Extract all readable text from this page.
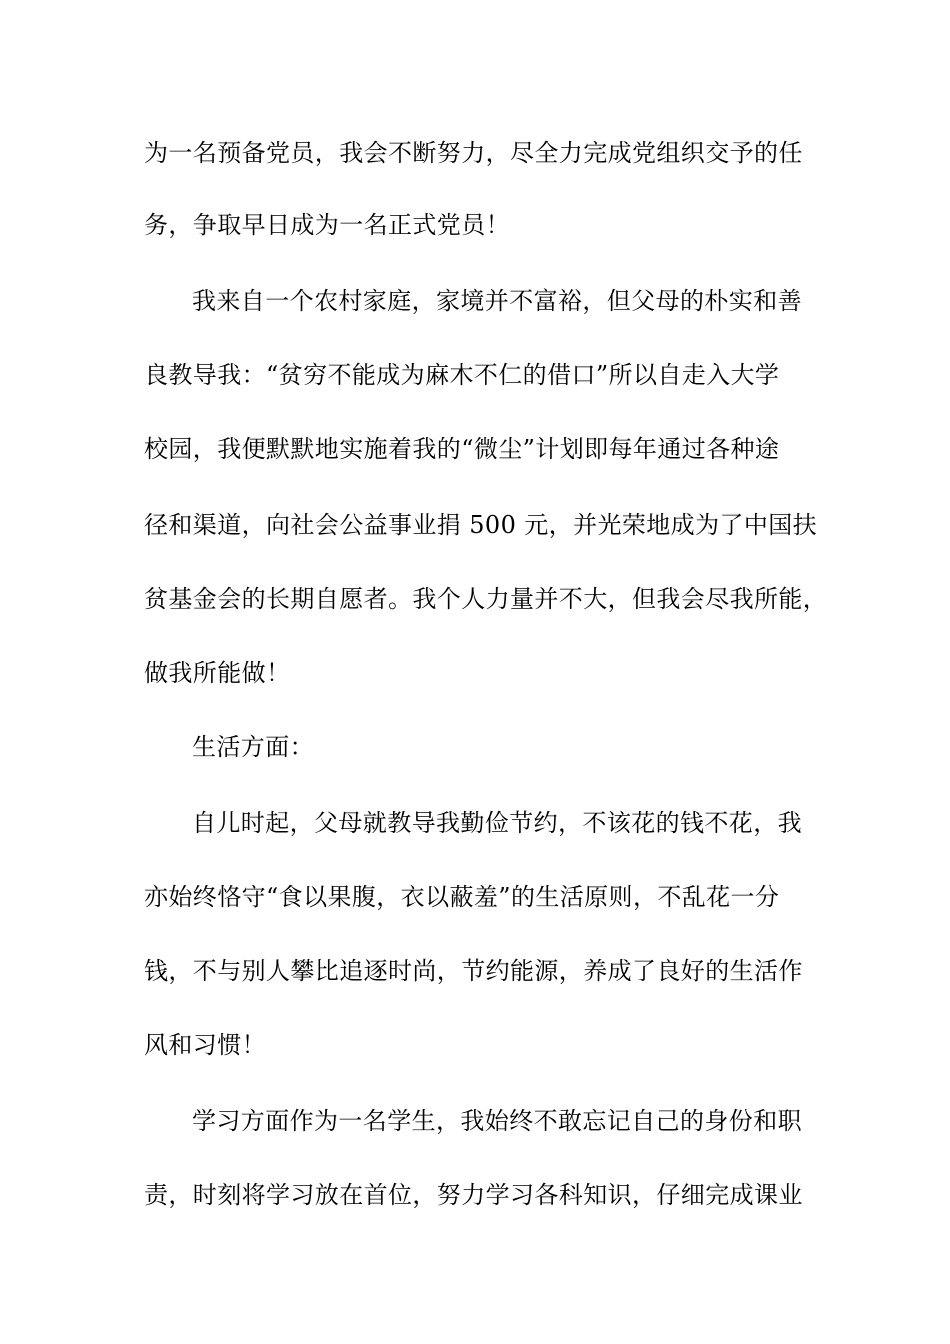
为一名预备党员，我会不断努力，尽全力完成党组织交予的任
务，争取早日成为一名正式党员！
我来自一个农村家庭，家境并不富裕，但父母的朴实和善
良教导我：“贫穷不能成为麻木不仁的借口”所以自走入大学
校园，我便默默地实施着我的“微尘”计划即每年通过各种途
径和渠道，向社会公益事业捐 500 元，并光荣地成为了中国扶
贫基金会的长期自愿者。我个人力量并不大，但我会尽我所能，
做我所能做！
生活方面：
自儿时起，父母就教导我勤俭节约，不该花的钱不花，我
亦始终恪守“食以果腹，衣以蔽羞”的生活原则，不乱花一分
钱，不与别人攀比追逐时尚，节约能源，养成了良好的生活作
风和习惯！
学习方面作为一名学生，我始终不敢忘记自己的身份和职
责，时刻将学习放在首位，努力学习各科知识，仔细完成课业
